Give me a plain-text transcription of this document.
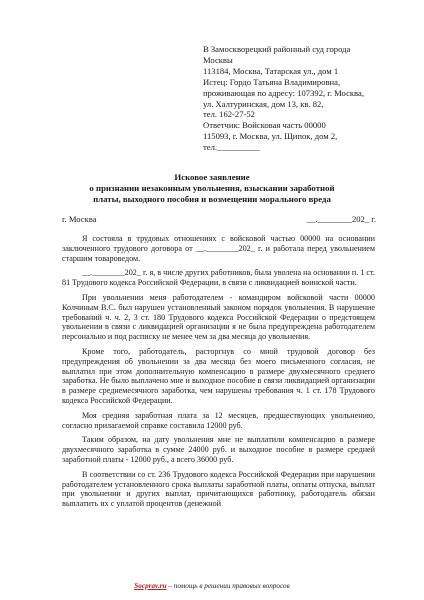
В Замоскворецкий районный суд города
Москвы
113184, Москва, Татарская ул., дом 1
Истец: Гордо Татьяна Владимировна,
проживающая по адресу: 107392, г. Москва,
ул. Халтуринская, дом 13, кв. 82,
тел. 162-27-52
Ответчик: Войсковая часть 00000
115093, г. Москва, ул. Щипок, дом 2,
тел.__________
Исковое заявление
о признании незаконным увольнения, взыскании заработной
платы, выходного пособия и возмещении морального вреда
г. Москва	__.________202_ г.

Я состояла в трудовых отношениях с войсковой частью 00000 на основании заключенного трудового договора от __.________202_ г. и работала перед увольнением старшим товароведом.

__.________202_ г. я, в числе других работников, была уволена на основании п. 1 ст. 81 Трудового кодекса Российской Федерации, в связи с ликвидацией воинской части.

При увольнении меня работодателем - командиром войсковой части 00000 Колчиным В.С. был нарушен установленный законом порядок увольнения. В нарушение требований ч. ч. 2, 3 ст. 180 Трудового кодекса Российской Федерации о предстоящем увольнении в связи с ликвидацией организации я не была предупреждена работодателем персонально и под расписку не менее чем за два месяца до увольнения.

Кроме того, работодатель, расторгнув со мной трудовой договор без предупреждения об увольнении за два месяца без моего письменного согласия, не выплатил при этом дополнительную компенсацию в размере двухмесячного среднего заработка. Не было выплачено мне и выходное пособие в связи ликвидацией организации в размере среднемесячного заработка, чем нарушены требования ч. 1 ст. 178 Трудового кодекса Российской Федерации.

Моя средняя заработная плата за 12 месяцев, предшествующих увольнению, согласно прилагаемой справке составила 12000 руб.

Таким образом, на дату увольнения мне не выплатили компенсацию в размере двухмесячного заработка в сумме 24000 руб. и выходное пособие в размере средней заработной платы - 12000 руб., а всего 36000 руб.

В соответствии со ст. 236 Трудового кодекса Российской Федерации при нарушении работодателем установленного срока выплаты заработной платы, оплаты отпуска, выплат при увольнении и других выплат, причитающихся работнику, работодатель обязан выплатить их с уплатой процентов (денежной

Socprav.ru – помощь в решении правовых вопросов
